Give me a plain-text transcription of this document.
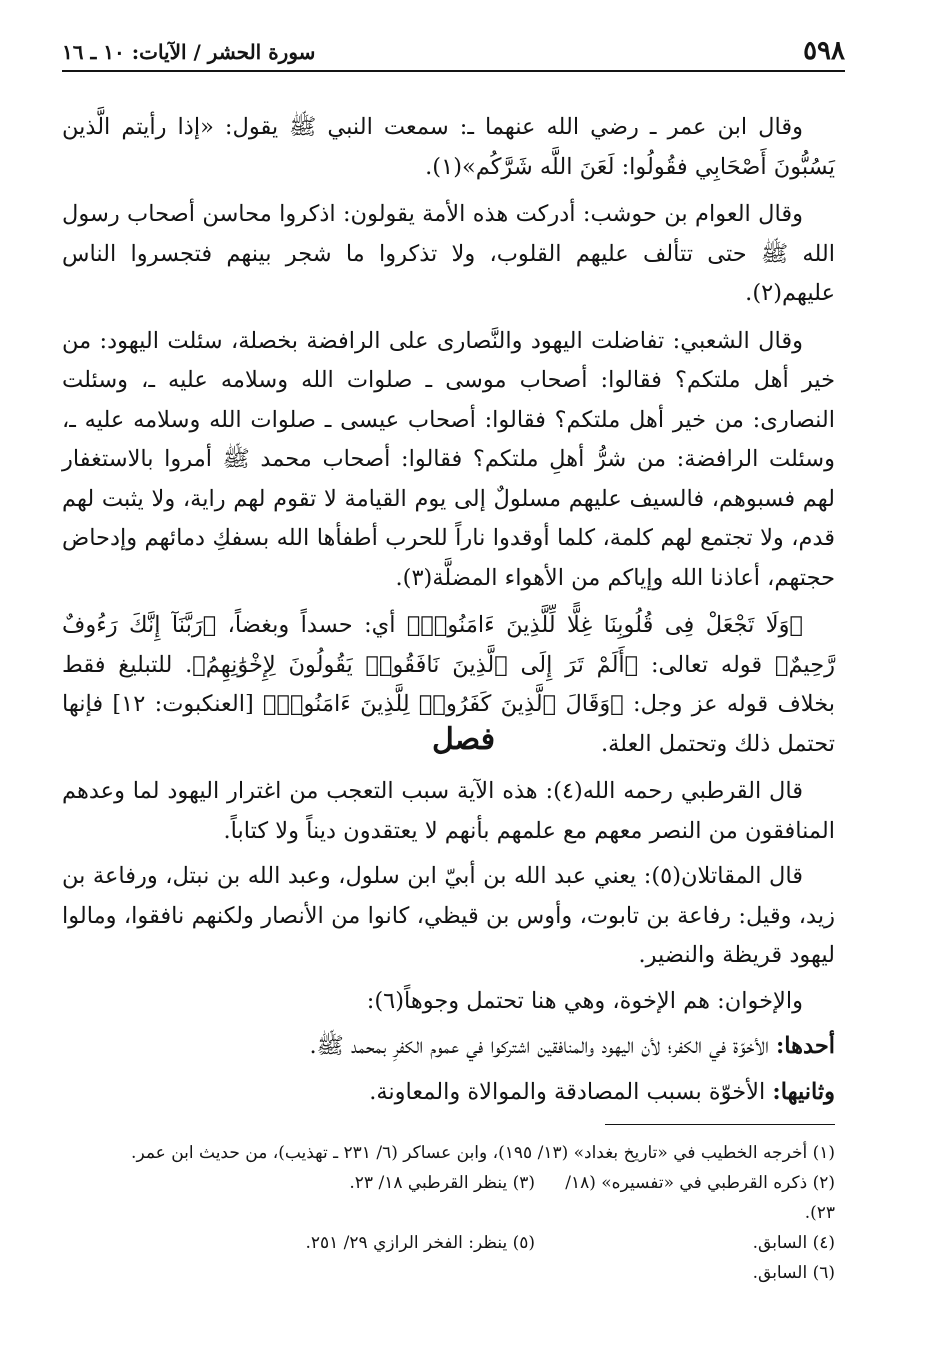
٥٩٨
سورة الحشر / الآيات: ١٠ ـ ١٦

وقال ابن عمر ـ رضي الله عنهما ـ: سمعت النبي ﷺ يقول: «إذا رأيتم الَّذين يَسُبُّونَ أَصْحَابِي فقُولُوا: لَعَنَ اللَّه شَرَّكُم»(١).

وقال العوام بن حوشب: أدركت هذه الأمة يقولون: اذكروا محاسن أصحاب رسول الله ﷺ حتى تتألف عليهم القلوب، ولا تذكروا ما شجر بينهم فتجسروا الناس عليهم(٢).

وقال الشعبي: تفاضلت اليهود والنَّصارى على الرافضة بخصلة، سئلت اليهود: من خير أهل ملتكم؟ فقالوا: أصحاب موسى ـ صلوات الله وسلامه عليه ـ، وسئلت النصارى: من خير أهل ملتكم؟ فقالوا: أصحاب عيسى ـ صلوات الله وسلامه عليه ـ، وسئلت الرافضة: من شرُّ أهلِ ملتكم؟ فقالوا: أصحاب محمد ﷺ أمروا بالاستغفار لهم فسبوهم، فالسيف عليهم مسلولٌ إلى يوم القيامة لا تقوم لهم راية، ولا يثبت لهم قدم، ولا تجتمع لهم كلمة، كلما أوقدوا ناراً للحرب أطفأها الله بسفكِ دمائهم وإدحاض حجتهم، أعاذنا الله وإياكم من الأهواء المضلَّة(٣).

﴿وَلَا تَجْعَلْ فِى قُلُوبِنَا غِلًّا لِّلَّذِينَ ءَامَنُوا۟﴾ أي: حسداً وبغضاً، ﴿رَبَّنَآ إِنَّكَ رَءُوفٌ رَّحِيمٌ﴾ قوله تعالى: ﴿أَلَمْ تَرَ إِلَى ٱلَّذِينَ نَافَقُوا۟ يَقُولُونَ لِإِخْوَٰنِهِمُ﴾. للتبليغ فقط بخلاف قوله عز وجل: ﴿وَقَالَ ٱلَّذِينَ كَفَرُوا۟ لِلَّذِينَ ءَامَنُوا۟﴾ [العنكبوت: ١٢] فإنها تحتمل ذلك وتحتمل العلة.

فصل

قال القرطبي رحمه الله(٤): هذه الآية سبب التعجب من اغترار اليهود لما وعدهم المنافقون من النصر معهم مع علمهم بأنهم لا يعتقدون ديناً ولا كتاباً.

قال المقاتلان(٥): يعني عبد الله بن أبيّ ابن سلول، وعبد الله بن نبتل، ورفاعة بن زيد، وقيل: رفاعة بن تابوت، وأوس بن قيظي، كانوا من الأنصار ولكنهم نافقوا، ومالوا ليهود قريظة والنضير.

والإخوان: هم الإخوة، وهي هنا تحتمل وجوهاً(٦):

أحدها: الأخوّة في الكفر؛ لأن اليهود والمنافقين اشتركوا في عموم الكفرِ بمحمد ﷺ.

وثانيها: الأخوّة بسبب المصادقة والموالاة والمعاونة.

(١) أخرجه الخطيب في «تاريخ بغداد» (١٣/ ١٩٥)، وابن عساكر (٦/ ٢٣١ ـ تهذيب)، من حديث ابن عمر.
(٢) ذكره القرطبي في «تفسيره» (١٨/ ٢٣).
(٣) ينظر القرطبي ١٨/ ٢٣.
(٤) السابق.
(٥) ينظر: الفخر الرازي ٢٩/ ٢٥١.
(٦) السابق.
